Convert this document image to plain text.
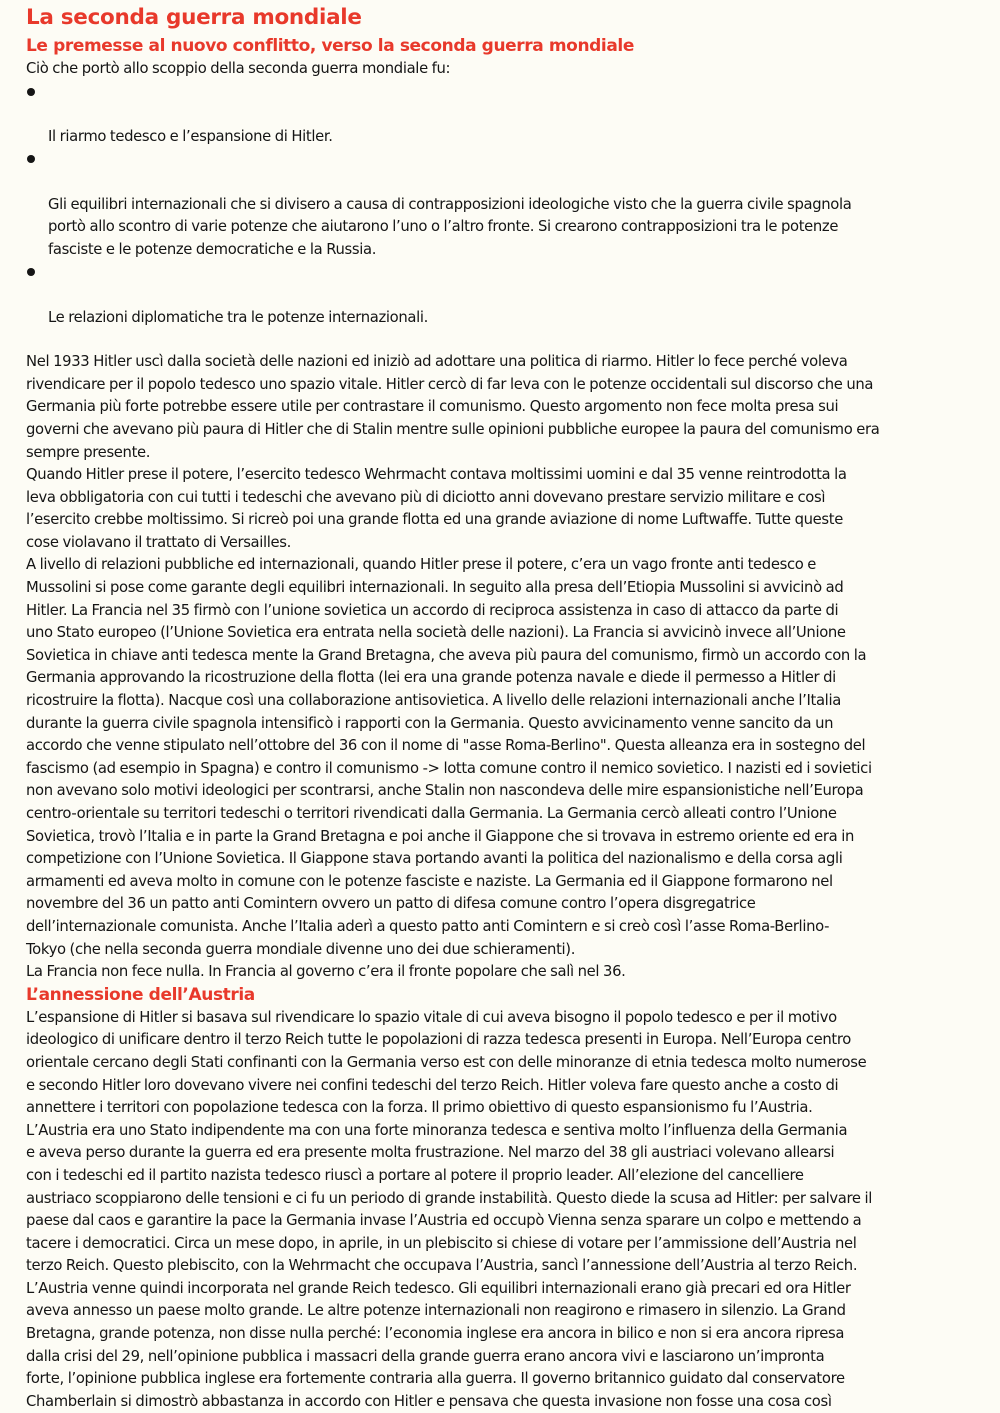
La seconda guerra mondiale
Le premesse al nuovo conflitto, verso la seconda guerra mondiale

Ciò che portò allo scoppio della seconda guerra mondiale fu:

Il riarmo tedesco e l’espansione di Hitler.

Gli equilibri internazionali che si divisero a causa di contrapposizioni ideologiche visto che la guerra civile spagnola
portò allo scontro di varie potenze che aiutarono l’uno o l’altro fronte. Si crearono contrapposizioni tra le potenze
fasciste e le potenze democratiche e la Russia.

Le relazioni diplomatiche tra le potenze internazionali.

Nel 1933 Hitler uscì dalla società delle nazioni ed iniziò ad adottare una politica di riarmo. Hitler lo fece perché voleva
rivendicare per il popolo tedesco uno spazio vitale. Hitler cercò di far leva con le potenze occidentali sul discorso che una
Germania più forte potrebbe essere utile per contrastare il comunismo. Questo argomento non fece molta presa sui
governi che avevano più paura di Hitler che di Stalin mentre sulle opinioni pubbliche europee la paura del comunismo era
sempre presente.

Quando Hitler prese il potere, l’esercito tedesco Wehrmacht contava moltissimi uomini e dal 35 venne reintrodotta la
leva obbligatoria con cui tutti i tedeschi che avevano più di diciotto anni dovevano prestare servizio militare e così
l’esercito crebbe moltissimo. Si ricreò poi una grande flotta ed una grande aviazione di nome Luftwaffe. Tutte queste
cose violavano il trattato di Versailles.

A livello di relazioni pubbliche ed internazionali, quando Hitler prese il potere, c’era un vago fronte anti tedesco e
Mussolini si pose come garante degli equilibri internazionali. In seguito alla presa dell’Etiopia Mussolini si avvicinò ad
Hitler. La Francia nel 35 firmò con l’unione sovietica un accordo di reciproca assistenza in caso di attacco da parte di
uno Stato europeo (l’Unione Sovietica era entrata nella società delle nazioni). La Francia si avvicinò invece all’Unione
Sovietica in chiave anti tedesca mente la Grand Bretagna, che aveva più paura del comunismo, firmò un accordo con la
Germania approvando la ricostruzione della flotta (lei era una grande potenza navale e diede il permesso a Hitler di
ricostruire la flotta). Nacque così una collaborazione antisovietica. A livello delle relazioni internazionali anche l’Italia
durante la guerra civile spagnola intensificò i rapporti con la Germania. Questo avvicinamento venne sancito da un
accordo che venne stipulato nell’ottobre del 36 con il nome di "asse Roma-Berlino". Questa alleanza era in sostegno del
fascismo (ad esempio in Spagna) e contro il comunismo -> lotta comune contro il nemico sovietico. I nazisti ed i sovietici
non avevano solo motivi ideologici per scontrarsi, anche Stalin non nascondeva delle mire espansionistiche nell’Europa
centro-orientale su territori tedeschi o territori rivendicati dalla Germania. La Germania cercò alleati contro l’Unione
Sovietica, trovò l’Italia e in parte la Grand Bretagna e poi anche il Giappone che si trovava in estremo oriente ed era in
competizione con l’Unione Sovietica. Il Giappone stava portando avanti la politica del nazionalismo e della corsa agli
armamenti ed aveva molto in comune con le potenze fasciste e naziste. La Germania ed il Giappone formarono nel
novembre del 36 un patto anti Comintern ovvero un patto di difesa comune contro l’opera disgregatrice
dell’internazionale comunista. Anche l’Italia aderì a questo patto anti Comintern e si creò così l’asse Roma-Berlino-
Tokyo (che nella seconda guerra mondiale divenne uno dei due schieramenti).

La Francia non fece nulla. In Francia al governo c’era il fronte popolare che salì nel 36.

L’annessione dell’Austria

L’espansione di Hitler si basava sul rivendicare lo spazio vitale di cui aveva bisogno il popolo tedesco e per il motivo
ideologico di unificare dentro il terzo Reich tutte le popolazioni di razza tedesca presenti in Europa. Nell’Europa centro
orientale cercano degli Stati confinanti con la Germania verso est con delle minoranze di etnia tedesca molto numerose
e secondo Hitler loro dovevano vivere nei confini tedeschi del terzo Reich. Hitler voleva fare questo anche a costo di
annettere i territori con popolazione tedesca con la forza. Il primo obiettivo di questo espansionismo fu l’Austria.

L’Austria era uno Stato indipendente ma con una forte minoranza tedesca e sentiva molto l’influenza della Germania
e aveva perso durante la guerra ed era presente molta frustrazione. Nel marzo del 38 gli austriaci volevano allearsi
con i tedeschi ed il partito nazista tedesco riuscì a portare al potere il proprio leader. All’elezione del cancelliere
austriaco scoppiarono delle tensioni e ci fu un periodo di grande instabilità. Questo diede la scusa ad Hitler: per salvare il
paese dal caos e garantire la pace la Germania invase l’Austria ed occupò Vienna senza sparare un colpo e mettendo a
tacere i democratici. Circa un mese dopo, in aprile, in un plebiscito si chiese di votare per l’ammissione dell’Austria nel
terzo Reich. Questo plebiscito, con la Wehrmacht che occupava l’Austria, sancì l’annessione dell’Austria al terzo Reich.

L’Austria venne quindi incorporata nel grande Reich tedesco. Gli equilibri internazionali erano già precari ed ora Hitler
aveva annesso un paese molto grande. Le altre potenze internazionali non reagirono e rimasero in silenzio. La Grand
Bretagna, grande potenza, non disse nulla perché: l’economia inglese era ancora in bilico e non si era ancora ripresa
dalla crisi del 29, nell’opinione pubblica i massacri della grande guerra erano ancora vivi e lasciarono un’impronta
forte, l’opinione pubblica inglese era fortemente contraria alla guerra. Il governo britannico guidato dal conservatore
Chamberlain si dimostrò abbastanza in accordo con Hitler e pensava che questa invasione non fosse una cosa così
